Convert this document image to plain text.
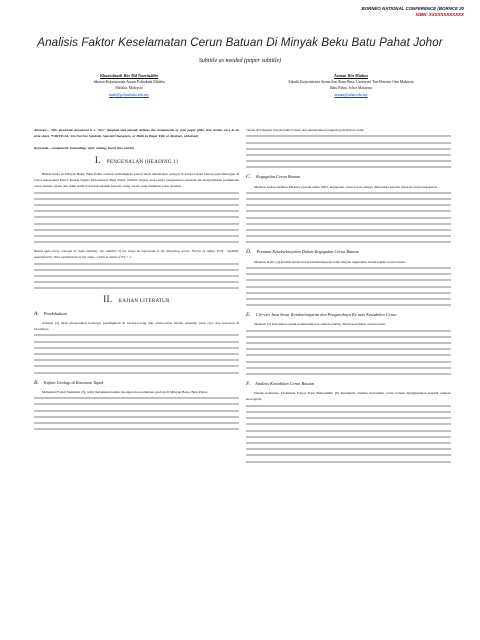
BORNEO NATIONAL CONFERENCE (BORNCE 20
ISBN: XXXXXXXXXXXX
Analisis Faktor Keselamatan Cerun Batuan Di Minyak Beku Batu Pahat Johor
Subtitle as needed (paper subtitle)
Khairulnazli Bin Md Nazriuddin
Jabatan Kejuruteraan Awam Politeknik Melaka
Melaka, Malaysia
nazli@polimelaka.edu.my
Azman Bin Madun
Fakulti Kejuruteraan Awam dan Alam Bina, Universiti Tun Hussein Onn Malaysia
Batu Pahat, Johor Malaysia
azman@uthm.edu.my
Abstract— This electronic document is a "live" template and already defines the components of your paper [title, text, heads, etc.] in its style sheet. *CRITICAL: Do Not Use Symbols, Special Characters, or Math in Paper Title or Abstract. (Abstract)
Keywords—component; formatting; style; styling; insert (key words)
I. PENGENALAN (HEADING 1)

Bukan kuari di Minyak Beku, Batu Pahat terletak berhampiran pantai telah diusahakan sebagai di antara lokasi batuan perlombongan di Johor merupakan Petrof Kuarie Ngalis Perbandaran Batu Pahat. Namun begitu, kerja-kerja pengkuarian sebelum ini menyebabkan permukaan cerun batuan curam dan tidak stabil dan tidak selamat kepada orang awam yang melintasi jalan tersebut.

Based upon these concept of slope stability, the stability of the slope be expressed in the following terms: Factor of safety, FOS - Stability quantified by limit equilibrium of the slope, which is stable if FS > 1.

II. KAJIAN LITERATUR
A. Pendahuluan

Aziman [2] telah menyatakan beberapa pendinginan di lorong-lorong dan cerun-cerun batuan terhadap jalan raya dan kawasan di bawahnya.

B. Kajian Geologi di Kawasan Tapak

Mohamad Faizal Sulaiman [3], telah melakukan kajian lapangan dan pemetaan geologi di Minyak Beku, Batu Pahat.

curam di bahagian bawah bukit batuan dan memerlukan langkah penstabilan cerun.

C. Kegagalan Cerun Batuan

Menurut kajian Aziman Madun [2] pada tahun 2002, kegagalan cerun secara amnya dikelaskan kepada beberapa jenis kegagalan.

D. Peranan Ketakselanjaran Dalam Kegagalan Cerun Batuan

Menurut Rafiz [4] kaedah untuk survei ketakselanjaran telah banyak digunakan dalam kajian cerun batuan.

E. Ciri-ciri Jasa Sesar Ketakselanjaran dan Pengaruhnya Ke atas Kestabilan Cerun

Menurut [5] Kelanduan untuk ketakselanjaran adalah penting dalam kestabilan cerun batuan.

F. Analisis Kestabilan Cerun Batuan

Dalam kajiannya Mohamad Faizal Tajul Baharuddin [6] mendapati analisis kestabilan cerun batuan menggunakan kaedah unjuran stereografi.
